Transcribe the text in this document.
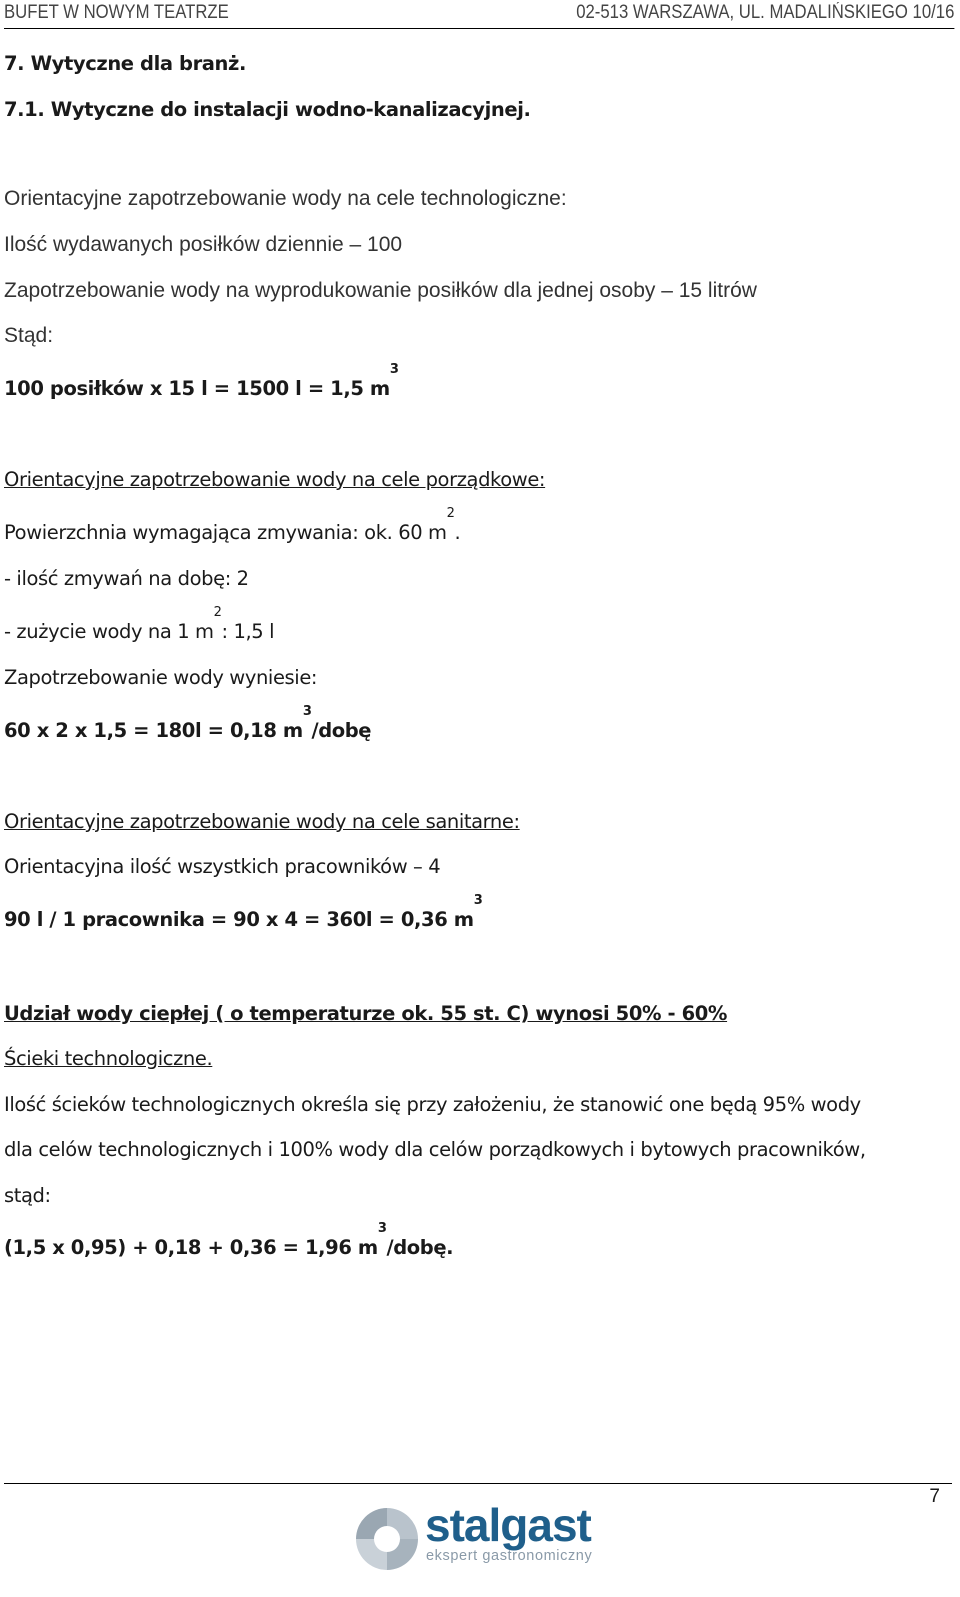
BUFET W NOWYM TEATRZE	02-513 WARSZAWA, UL. MADALIŃSKIEGO 10/16
7. Wytyczne dla branż.
7.1. Wytyczne do instalacji wodno-kanalizacyjnej.
Orientacyjne zapotrzebowanie wody na cele technologiczne:
Ilość wydawanych posiłków dziennie – 100
Zapotrzebowanie wody na wyprodukowanie posiłków dla jednej osoby – 15 litrów
Stąd:
100 posiłków x 15 l = 1500 l = 1,5 $m^3$
Orientacyjne zapotrzebowanie wody na cele porządkowe:
Powierzchnia wymagająca zmywania: ok. 60 $m^2$.
- ilość zmywań na dobę: 2
- zużycie wody na 1 $m^2$: 1,5 l
Zapotrzebowanie wody wyniesie:
60 x 2 x 1,5 = 180l = 0,18 $m^3$/dobę
Orientacyjne zapotrzebowanie wody na cele sanitarne:
Orientacyjna ilość wszystkich pracowników – 4
90 l / 1 pracownika = 90 x 4 = 360l = 0,36 $m^3$
Udział wody ciepłej ( o temperaturze ok. 55 st. C) wynosi 50% - 60%
Ścieki technologiczne.
Ilość ścieków technologicznych określa się przy założeniu, że stanowić one będą 95% wody
dla celów technologicznych i 100% wody dla celów porządkowych i bytowych pracowników,
stąd:
(1,5 x 0,95) + 0,18 + 0,36 = 1,96 $m^3$/dobę.
7
stalgast
ekspert gastronomiczny
